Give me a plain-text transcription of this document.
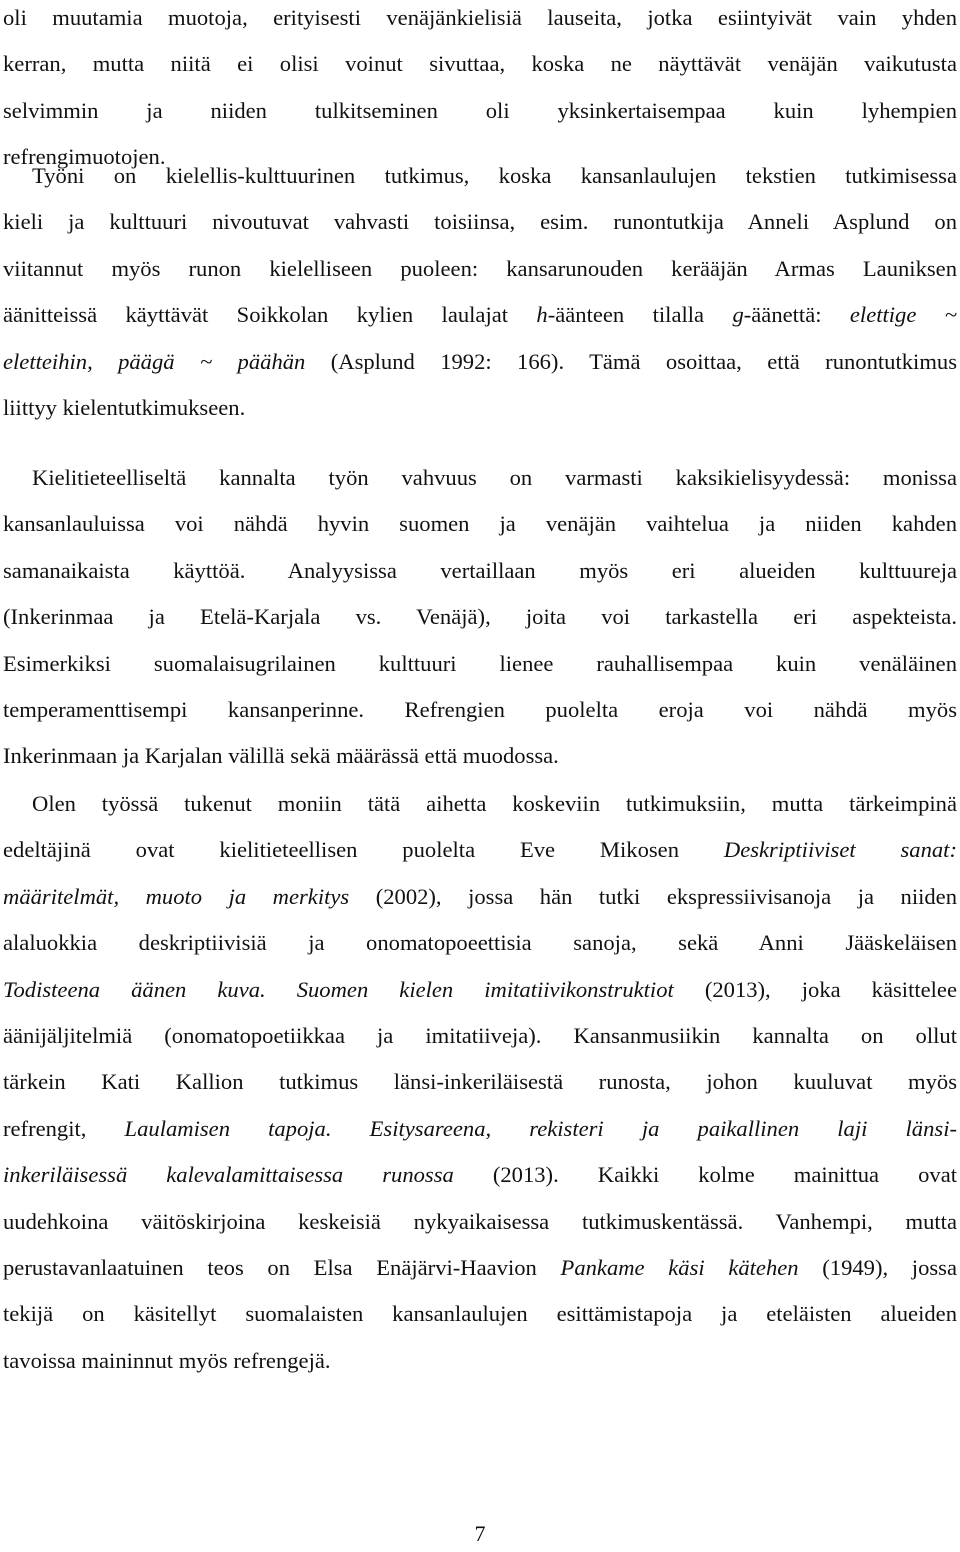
oli muutamia muotoja, erityisesti venäjänkielisiä lauseita, jotka esiintyivät vain yhden
kerran, mutta niitä ei olisi voinut sivuttaa, koska ne näyttävät venäjän vaikutusta
selvimmin ja niiden tulkitseminen oli yksinkertaisempaa kuin lyhempien
refrengimuotojen.

Työni on kielellis-kulttuurinen tutkimus, koska kansanlaulujen tekstien tutkimisessa
kieli ja kulttuuri nivoutuvat vahvasti toisiinsa, esim. runontutkija Anneli Asplund on
viitannut myös runon kielelliseen puoleen: kansarunouden kerääjän Armas Launiksen
äänitteissä käyttävät Soikkolan kylien laulajat h-äänteen tilalla g-äänettä: elettige ~
eletteihin, päägä ~ päähän (Asplund 1992: 166). Tämä osoittaa, että runontutkimus
liittyy kielentutkimukseen.

Kielitieteelliseltä kannalta työn vahvuus on varmasti kaksikielisyydessä: monissa
kansanlauluissa voi nähdä hyvin suomen ja venäjän vaihtelua ja niiden kahden
samanaikaista käyttöä. Analyysissa vertaillaan myös eri alueiden kulttuureja
(Inkerinmaa ja Etelä-Karjala vs. Venäjä), joita voi tarkastella eri aspekteista.
Esimerkiksi suomalaisugrilainen kulttuuri lienee rauhallisempaa kuin venäläinen
temperamenttisempi kansanperinne. Refrengien puolelta eroja voi nähdä myös
Inkerinmaan ja Karjalan välillä sekä määrässä että muodossa.

Olen työssä tukenut moniin tätä aihetta koskeviin tutkimuksiin, mutta tärkeimpinä
edeltäjinä ovat kielitieteellisen puolelta Eve Mikosen Deskriptiiviset sanat:
määritelmät, muoto ja merkitys (2002), jossa hän tutki ekspressiivisanoja ja niiden
alaluokkia deskriptiivisiä ja onomatopoeettisia sanoja, sekä Anni Jääskeläisen
Todisteena äänen kuva. Suomen kielen imitatiivikonstruktiot (2013), joka käsittelee
äänijäljitelmiä (onomatopoetiikkaa ja imitatiiveja). Kansanmusiikin kannalta on ollut
tärkein Kati Kallion tutkimus länsi-inkeriläisestä runosta, johon kuuluvat myös
refrengit, Laulamisen tapoja. Esitysareena, rekisteri ja paikallinen laji länsi-
inkeriläisessä kalevalamittaisessa runossa (2013). Kaikki kolme mainittua ovat
uudehkoina väitöskirjoina keskeisiä nykyaikaisessa tutkimuskentässä. Vanhempi, mutta
perustavanlaatuinen teos on Elsa Enäjärvi-Haavion Pankame käsi kätehen (1949), jossa
tekijä on käsitellyt suomalaisten kansanlaulujen esittämistapoja ja eteläisten alueiden
tavoissa maininnut myös refrengejä.

7
